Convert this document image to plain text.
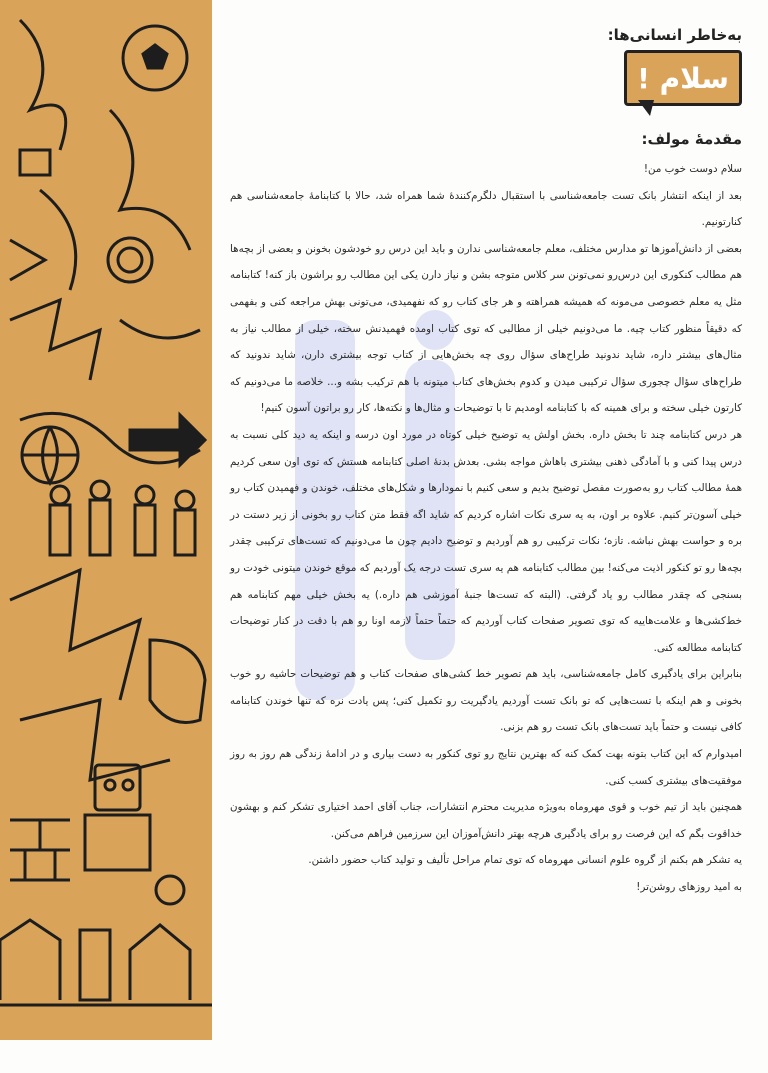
به‌خاطر انسانی‌ها:
سلام !
مقدمۀ مولف:

سلام دوست خوب من!

بعد از اینکه انتشار بانک تست جامعه‌شناسی با استقبال دلگرم‌کنندۀ شما همراه شد، حالا با کتابنامۀ جامعه‌شناسی هم کنارتونیم.

بعضی از دانش‌آموزها تو مدارس مختلف، معلم جامعه‌شناسی ندارن و باید این درس رو خودشون بخونن و بعضی از بچه‌ها هم مطالب کنکوری این درس‌رو نمی‌تونن سر کلاس متوجه بشن و نیاز دارن یکی این مطالب رو براشون باز کنه! کتابنامه مثل یه معلم خصوصی می‌مونه که همیشه همراهته و هر جای کتاب رو که نفهمیدی، می‌تونی بهش مراجعه کنی و بفهمی که دقیقاً منظور کتاب چیه. ما می‌دونیم خیلی از مطالبی که توی کتاب اومده فهمیدنش سخته، خیلی از مطالب نیاز به مثال‌های بیشتر داره، شاید ندونید طراح‌های سؤال روی چه بخش‌هایی از کتاب توجه بیشتری دارن، شاید ندونید که طراح‌های سؤال چجوری سؤال ترکیبی میدن و کدوم بخش‌های کتاب میتونه با هم ترکیب بشه و... خلاصه ما می‌دونیم که کارتون خیلی سخته و برای همینه که با کتابنامه اومدیم تا با توضیحات و مثال‌ها و نکته‌ها، کار رو براتون آسون کنیم!

هر درس کتابنامه چند تا بخش داره. بخش اولش یه توضیح خیلی کوتاه در مورد اون درسه و اینکه یه دید کلی نسبت به درس پیدا کنی و با آمادگی ذهنی بیشتری باهاش مواجه بشی. بعدش بدنۀ اصلی کتابنامه هستش که توی اون سعی کردیم همۀ مطالب کتاب رو به‌صورت مفصل توضیح بدیم و سعی کنیم با نمودارها و شکل‌های مختلف، خوندن و فهمیدن کتاب رو خیلی آسون‌تر کنیم. علاوه بر اون، به یه سری نکات اشاره کردیم که شاید اگه فقط متن کتاب رو بخونی از زیر دستت در بره و حواست بهش نباشه. تازه؛ نکات ترکیبی رو هم آوردیم و توضیح دادیم چون ما می‌دونیم که تست‌های ترکیبی چقدر بچه‌ها رو تو کنکور اذیت می‌کنه! بین مطالب کتابنامه هم یه سری تست درجه یک آوردیم که موقع خوندن میتونی خودت رو بسنجی که چقدر مطالب رو یاد گرفتی. (البته که تست‌ها جنبۀ آموزشی هم داره.) یه بخش خیلی مهم کتابنامه هم خط‌کشی‌ها و علامت‌هاییه که توی تصویر صفحات کتاب آوردیم که حتماً حتماً لازمه اونا رو هم با دقت در کنار توضیحات کتابنامه مطالعه کنی.

بنابراین برای یادگیری کامل جامعه‌شناسی، باید هم تصویر خط کشی‌های صفحات کتاب و هم توضیحات حاشیه رو خوب بخونی و هم اینکه با تست‌هایی که تو بانک تست آوردیم یادگیریت رو تکمیل کنی؛ پس یادت نره که تنها خوندن کتابنامه کافی نیست و حتماً باید تست‌های بانک تست رو هم بزنی.

امیدوارم که این کتاب بتونه بهت کمک کنه که بهترین نتایج رو توی کنکور به دست بیاری و در ادامۀ زندگی هم روز به روز موفقیت‌های بیشتری کسب کنی.

همچنین باید از تیم خوب و قوی مهروماه به‌ویژه مدیریت محترم انتشارات، جناب آقای احمد اختیاری تشکر کنم و بهشون خداقوت بگم که این فرصت رو برای یادگیری هرچه بهتر دانش‌آموزان این سرزمین فراهم می‌کنن.

یه تشکر هم بکنم از گروه علوم انسانی مهروماه که توی تمام مراحل تألیف و تولید کتاب حضور داشتن.

به امید روزهای روشن‌تر!
